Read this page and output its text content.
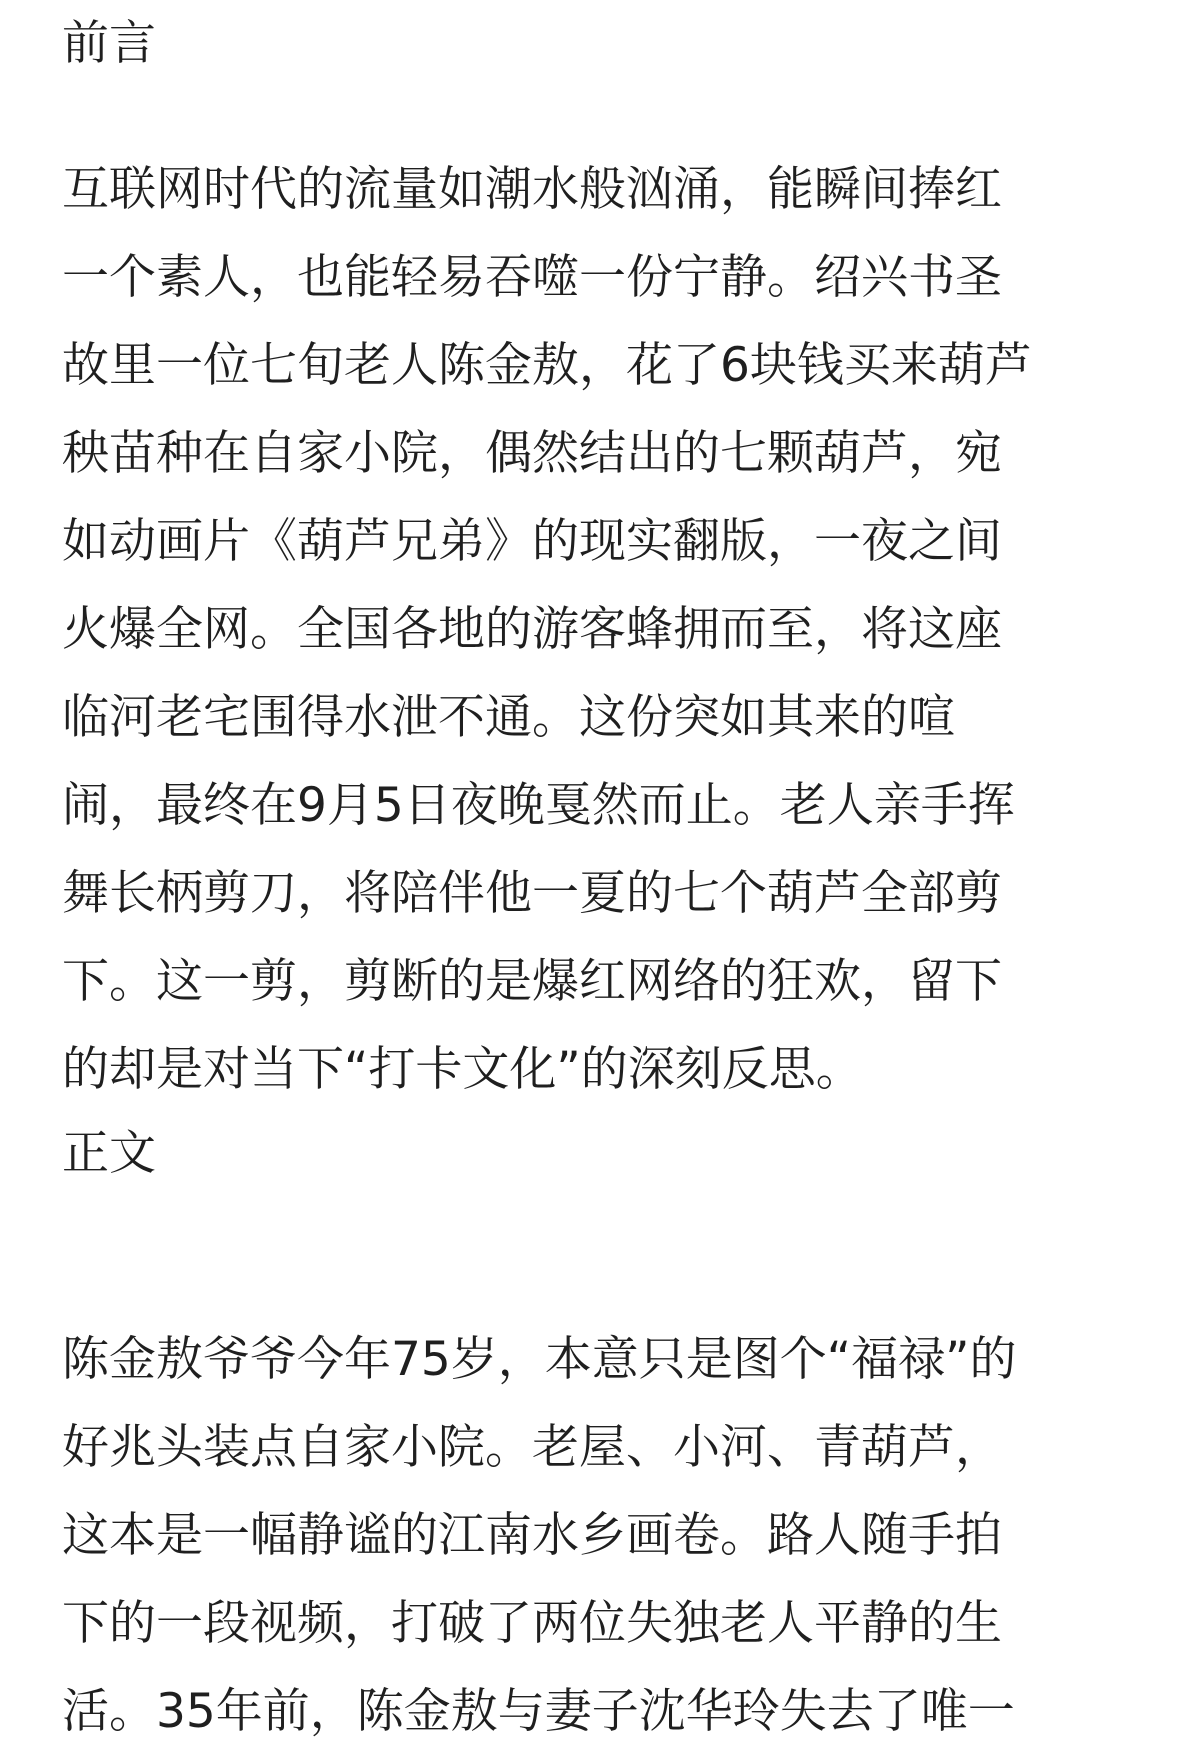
前言
互联网时代的流量如潮水般汹涌，能瞬间捧红
一个素人，也能轻易吞噬一份宁静。绍兴书圣
故里一位七旬老人陈金敖，花了6块钱买来葫芦
秧苗种在自家小院，偶然结出的七颗葫芦，宛
如动画片《葫芦兄弟》的现实翻版，一夜之间
火爆全网。全国各地的游客蜂拥而至，将这座
临河老宅围得水泄不通。这份突如其来的喧
闹，最终在9月5日夜晚戛然而止。老人亲手挥
舞长柄剪刀，将陪伴他一夏的七个葫芦全部剪
下。这一剪，剪断的是爆红网络的狂欢，留下
的却是对当下“打卡文化”的深刻反思。
正文
陈金敖爷爷今年75岁，本意只是图个“福禄”的
好兆头装点自家小院。老屋、小河、青葫芦，
这本是一幅静谧的江南水乡画卷。路人随手拍
下的一段视频，打破了两位失独老人平静的生
活。35年前，陈金敖与妻子沈华玲失去了唯一
